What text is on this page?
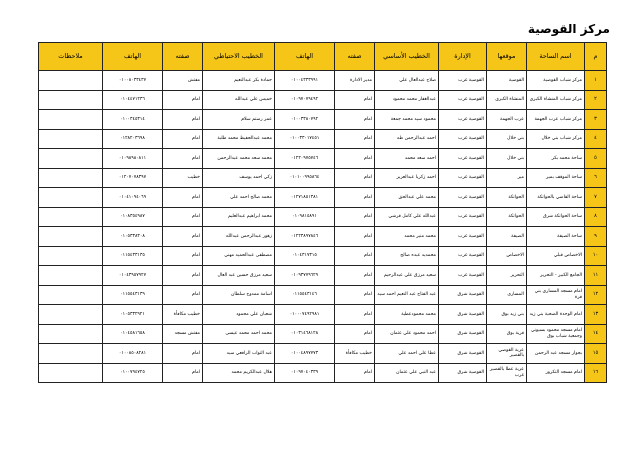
مركز القوصية
م	اسم الساحة	موقعها	الإدارة	الخطيب الأساسي	صفته	الهاتف	الخطيب الاحتياطي	صفته	الهاتف	ملاحظات
١	مركز شباب القوصية	القوصية	القوصية غرب	صلاح عبدالعال علي	مدير الادارة	٠١٠٠٤٣٣٣٩٩١	حمادة بكر عبدالنعيم	مفتش	٠١٠٠٨٠٣٣٤٣٧	
٢	مركز شباب المنشاة الكبرى	المنشاة الكبرى	القوصية غرب	عبدالغفار محمد محمود	امام	٠١٠٩٧٠٧٩٤٩٢	خميس علي عبدالله	امام	٠١٠٤٤٧١٢٣٦	
٣	مركز شباب عرب الجهمة	عرب الجهمة	القوصية غرب	محمود سيد محمد جمعة	امام	٠١٠٠٣٣٨٠٧٩٢	عمر رستم سلام	امام	٠١٠٠٣٤٥٣١٤	
٤	مركز شباب بني خلال	بني خلال	القوصية غرب	احمد عبدالرحمن طه	امام	٠١٠٠٣٣٠١٧٤٥١	محمد عبدالحفيظ محمد طلبة	امام	٠١٢٨٢٠٣٦٩٨	
٥	ساحة محمد بكر	بني خلال	القوصية غرب	احمد سعد محمد	امام	٠١٢٢٠٩٧٥٧٤٦	محمد سعد محمد عبدالرحمن	امام	٠١٠٩٨٩٨٠٨١١	
٦	ساحة الموقف بمير	مير	القوصية غرب	احمد زكريا عبدالعزيز	امام	٠١٠١٠٠٩٩٥٨٦٤	زكي احمد يوسف	خطيب	٠١٢٠٧٠٧٨٣٩٧	
٧	ساحة القاضي بالحواتكة	الحواتكة	القوصية غرب	محمد علي عبدالحق	امام	٠١٢٧١٨٥١٣٨١	محمد صالح احمد علي	امام	٠١٠٤١٠٩٤٠٦٩	
٨	ساحة الحواتكة شرق	الحواتكة	القوصية غرب	عبدالله علي كامل قرشي	امام	٠١٠٩٨١٥٨٩١	محمد ابراهيم عبدالعليم	امام	٠١٠٨٣٥٤٩٨٧	
٩	ساحة الصيفة	الصيفة	القوصية غرب	محمد منير محمد	امام	٠١٢٢٣٨٩٧٨٤٦	زهور عبدالرحمن عبدالله	امام	٠١٠٥٣٣٨٣٠٨	
١٠	الاخصاص قبلي	الاخصاص	القوصية غرب	محمديد عبده صالح	امام	٠١٠٤٣١٧٣١٥	مصطفى عبدالحميد مهني	امام	٠١١٥٤٣٣١٣٥	
١١	الجامع الكبير - التحرير	التحرير	القوصية غرب	سعيد مرزق علي عبدالرحيم	امام	٠١٠٩٣٧٧٩٦٢٩	سعيد مرزق حسين عبد العال	امام	٠١٠٤٣٩٥٧٩٢٧	
١٢	امام مسجد المسارى بني قرة	المساري	القوصية شرق	عبد الفتاح عبد النعيم احمد سيد	امام	٠١١٥٥٤٣١٤٦	اسامة ممدوح سلطان	امام	٠١١٥٥٤٣١٣٩	
١٣	امام الوحدة الصحية بني زيد	بني زيد بوق	القوصية شرق	محمد محمودعطية	امام	٠١٠٠٠٧٤٩٢٩٨١	شعبان علي محمود	خطيب مكافأة	٠١٠٥٣٣٢٩٢١	
١٤	امام مسجد محمود بسيوني وجمعية شباب بوق	قرية بوق	القوصية شرق	احمد محمود علي عثمان	امام	٠١٠٣١٤٦٨١٢٨	محمد احمد محمد عيسى	مفتش مسجد	٠١٠٤٥٨١٦٥٨	
١٥	بجوار مسجد عبد الرحمن	عزبة القوصي بالقصير	القوصية شرق	عطا علي احمد علي	خطيب مكافأة	٠١٠٠٤٨٩٧٧٧٣	عبد التواب الرافعي سيد	امام	٠١٠٠٨٥٠٨٢٨١	
١٦	امام مسجد التكرور	عزبة عطا بالقصير غرب	القوصية شرق	عبد النبي علي عثمان	امام	٠١٠٩٧٠٤٠٣٣٩	هلال عبدالكريم محمد	امام	٠١٠٠٧٩٤٧٢٥	
